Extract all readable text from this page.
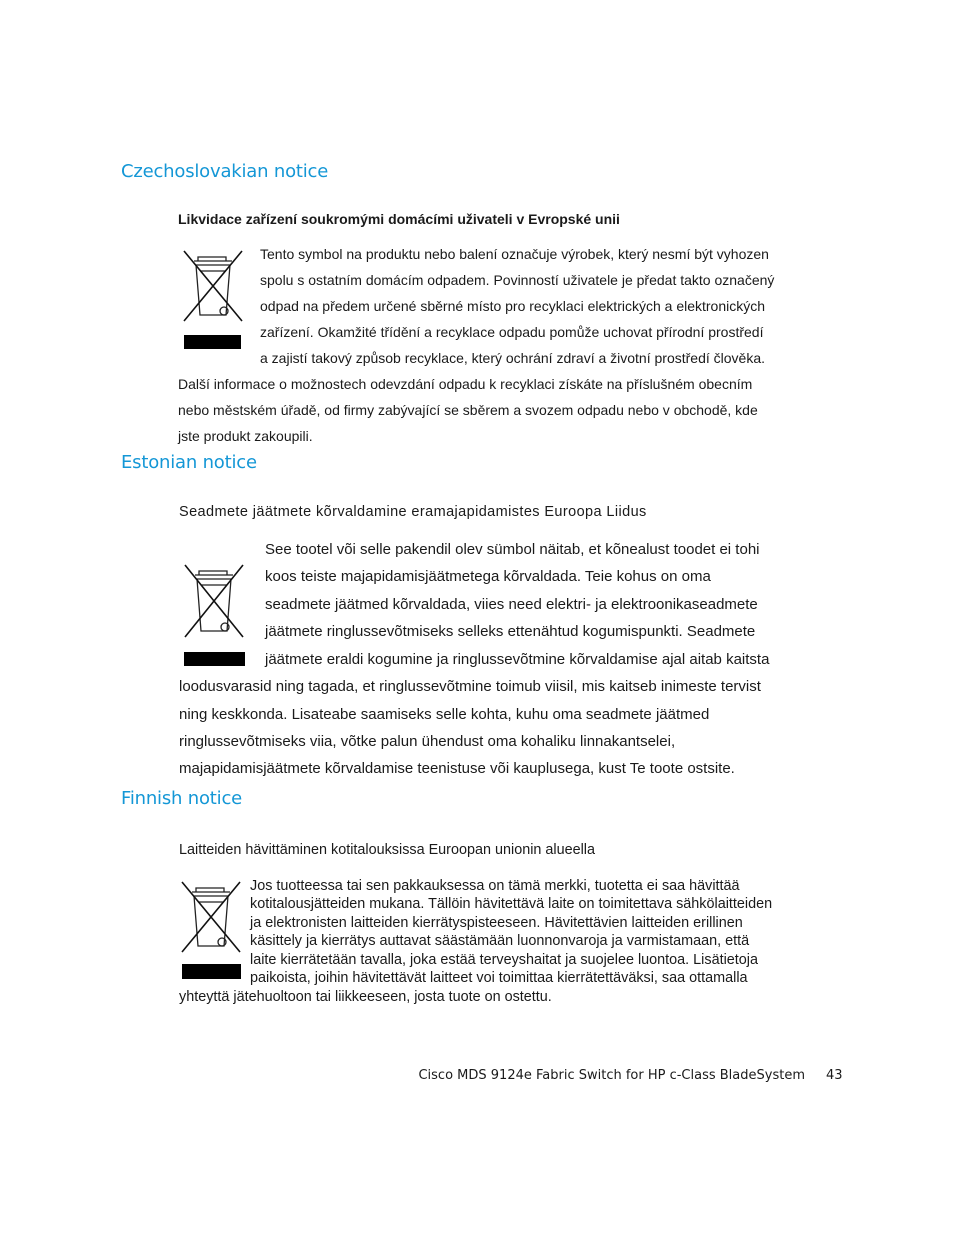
Czechoslovakian notice
Likvidace zařízení soukromými domácími uživateli v Evropské unii
Tento symbol na produktu nebo balení označuje výrobek, který nesmí být vyhozen
spolu s ostatním domácím odpadem. Povinností uživatele je předat takto označený
odpad na předem určené sběrné místo pro recyklaci elektrických a elektronických
zařízení. Okamžité třídění a recyklace odpadu pomůže uchovat přírodní prostředí
a zajistí takový způsob recyklace, který ochrání zdraví a životní prostředí člověka.
Další informace o možnostech odevzdání odpadu k recyklaci získáte na příslušném obecním
nebo městském úřadě, od firmy zabývající se sběrem a svozem odpadu nebo v obchodě, kde
jste produkt zakoupili.
Estonian notice
Seadmete jäätmete kõrvaldamine eramajapidamistes Euroopa Liidus
See tootel või selle pakendil olev sümbol näitab, et kõnealust toodet ei tohi
koos teiste majapidamisjäätmetega kõrvaldada. Teie kohus on oma
seadmete jäätmed kõrvaldada, viies need elektri- ja elektroonikaseadmete
jäätmete ringlussevõtmiseks selleks ettenähtud kogumispunkti. Seadmete
jäätmete eraldi kogumine ja ringlussevõtmine kõrvaldamise ajal aitab kaitsta
loodusvarasid ning tagada, et ringlussevõtmine toimub viisil, mis kaitseb inimeste tervist
ning keskkonda. Lisateabe saamiseks selle kohta, kuhu oma seadmete jäätmed
ringlussevõtmiseks viia, võtke palun ühendust oma kohaliku linnakantselei,
majapidamisjäätmete kõrvaldamise teenistuse või kauplusega, kust Te toote ostsite.
Finnish notice
Laitteiden hävittäminen kotitalouksissa Euroopan unionin alueella
Jos tuotteessa tai sen pakkauksessa on tämä merkki, tuotetta ei saa hävittää
kotitalousjätteiden mukana. Tällöin hävitettävä laite on toimitettava sähkölaitteiden
ja elektronisten laitteiden kierrätyspisteeseen. Hävitettävien laitteiden erillinen
käsittely ja kierrätys auttavat säästämään luonnonvaroja ja varmistamaan, että
laite kierrätetään tavalla, joka estää terveyshaitat ja suojelee luontoa. Lisätietoja
paikoista, joihin hävitettävät laitteet voi toimittaa kierrätettäväksi, saa ottamalla
yhteyttä jätehuoltoon tai liikkeeseen, josta tuote on ostettu.
Cisco MDS 9124e Fabric Switch for HP c-Class BladeSystem 43
